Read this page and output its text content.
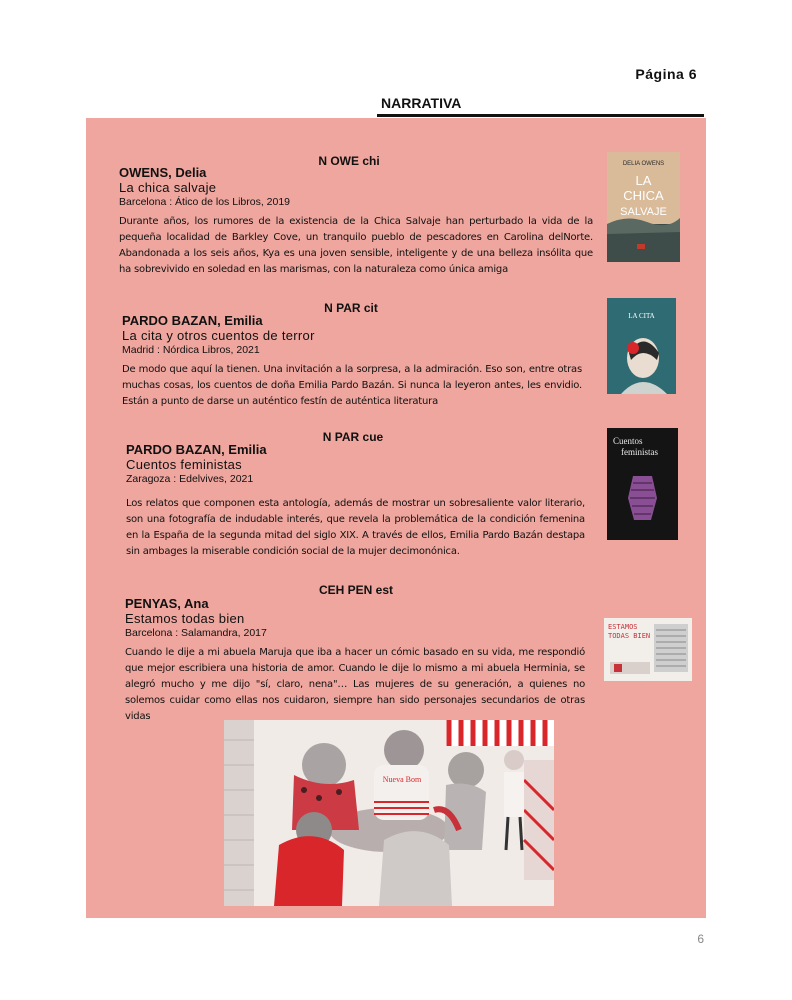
Página 6
NARRATIVA
N OWE chi

OWENS, Delia

La chica salvaje

Barcelona : Ático de los Libros, 2019

Durante años, los rumores de la existencia de la Chica Salvaje han perturbado la vida de la pequeña localidad de Barkley Cove, un tranquilo pueblo de pescadores en Carolina delNorte. Abandonada a los seis años, Kya es una joven sensible, inteligente y de una belleza insólita que ha sobrevivido en soledad en las marismas, con la naturaleza como única amiga

DELIA OWENS
LA
CHICA
SALVAJE
N PAR cit

PARDO BAZAN, Emilia

La cita y otros cuentos de terror

Madrid : Nórdica Libros, 2021

De modo que aquí la tienen. Una invitación a la sorpresa, a la admiración. Eso son, entre otras muchas cosas, los cuentos de doña Emilia Pardo Bazán. Si nunca la leyeron antes, les envidio. Están a punto de darse un auténtico festín de auténtica literatura

LA CITA
N PAR cue

PARDO BAZAN, Emilia

Cuentos feministas

Zaragoza : Edelvives, 2021

Los relatos que componen esta antología, además de mostrar un sobresaliente valor literario, son una fotografía de indudable interés, que revela la problemática de la condición femenina en la España de la segunda mitad del siglo XIX. A través de ellos, Emilia Pardo Bazán destapa sin ambages la miserable condición social de la mujer decimonónica.

Cuentos
feministas
CEH PEN est

PENYAS, Ana

Estamos todas bien

Barcelona : Salamandra, 2017

Cuando le dije a mi abuela Maruja que iba a hacer un cómic basado en su vida, me respondió que mejor escribiera una historia de amor. Cuando le dije lo mismo a mi abuela Herminia, se alegró mucho y me dijo "sí, claro, nena"… Las mujeres de su generación, a quienes no solemos cuidar como ellas nos cuidaron, siempre han sido personajes secundarios de otras vidas

ESTAMOS
TODAS BIEN
Nueva Bom
6
